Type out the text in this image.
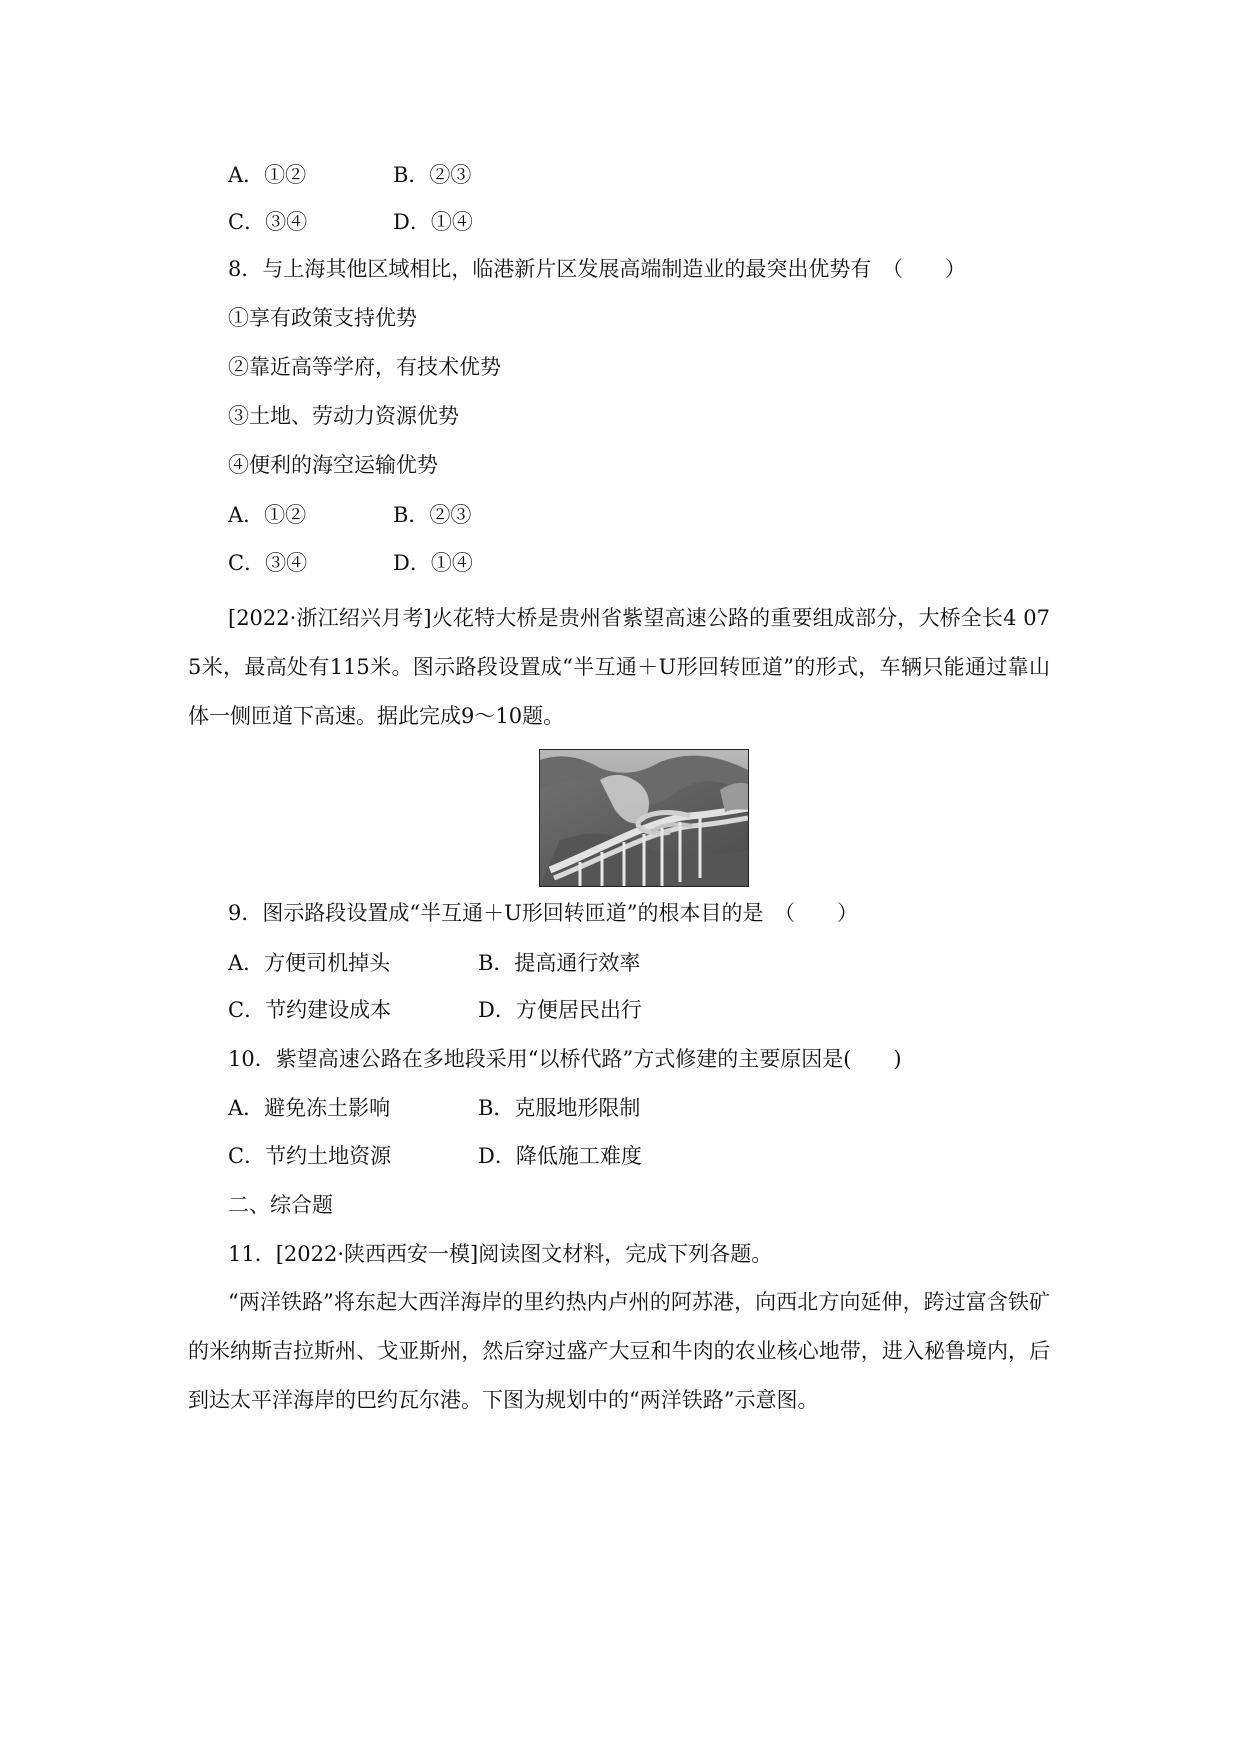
A．①②	B．②③
C．③④	D．①④
8．与上海其他区域相比，临港新片区发展高端制造业的最突出优势有　（　　）
①享有政策支持优势
②靠近高等学府，有技术优势
③土地、劳动力资源优势
④便利的海空运输优势
A．①②	B．②③
C．③④	D．①④
[2022·浙江绍兴月考]火花特大桥是贵州省紫望高速公路的重要组成部分，大桥全长4 075米，最高处有115米。图示路段设置成“半互通＋U形回转匝道”的形式，车辆只能通过靠山体一侧匝道下高速。据此完成9～10题。
9．图示路段设置成“半互通＋U形回转匝道”的根本目的是　（　　）
A．方便司机掉头	B．提高通行效率
C．节约建设成本	D．方便居民出行
10．紫望高速公路在多地段采用“以桥代路”方式修建的主要原因是(　　)
A．避免冻土影响	B．克服地形限制
C．节约土地资源	D．降低施工难度
二、综合题
11．[2022·陕西西安一模]阅读图文材料，完成下列各题。
“两洋铁路”将东起大西洋海岸的里约热内卢州的阿苏港，向西北方向延伸，跨过富含铁矿的米纳斯吉拉斯州、戈亚斯州，然后穿过盛产大豆和牛肉的农业核心地带，进入秘鲁境内，后到达太平洋海岸的巴约瓦尔港。下图为规划中的“两洋铁路”示意图。
